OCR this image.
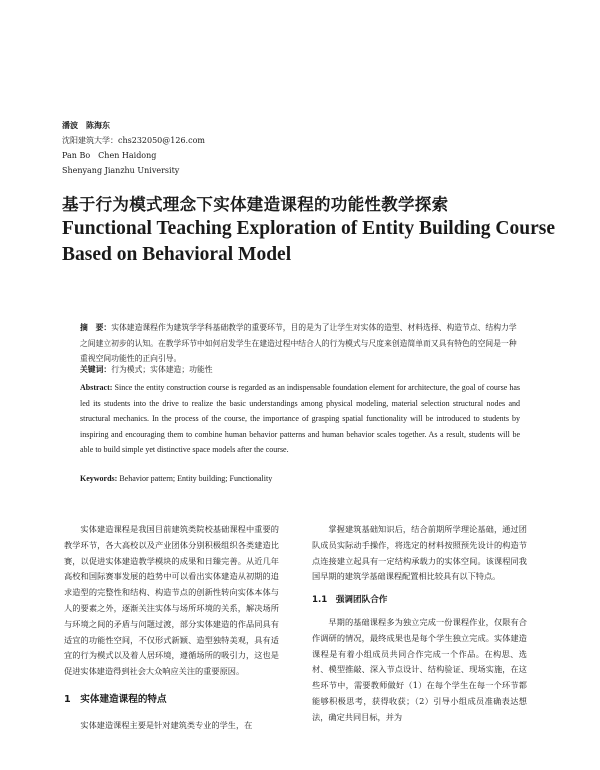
潘波　陈海东
沈阳建筑大学：chs232050@126.com
Pan Bo　Chen Haidong
Shenyang Jianzhu University
基于行为模式理念下实体建造课程的功能性教学探索
Functional Teaching Exploration of Entity Building Course Based on Behavioral Model
摘　要：实体建造课程作为建筑学学科基础教学的重要环节，目的是为了让学生对实体的造型、材料选择、构造节点、结构力学之间建立初步的认知。在教学环节中如何启发学生在建造过程中结合人的行为模式与尺度来创造简单而又具有特色的空间是一种重视空间功能性的正向引导。
关键词：行为模式；实体建造；功能性
Abstract: Since the entity construction course is regarded as an indispensable foundation element for architecture, the goal of course has led its students into the drive to realize the basic understandings among physical modeling, material selection structural nodes and structural mechanics. In the process of the course, the importance of grasping spatial functionality will be introduced to students by inspiring and encouraging them to combine human behavior patterns and human behavior scales together. As a result, students will be able to build simple yet distinctive space models after the course.
Keywords: Behavior pattern; Entity building; Functionality

实体建造课程是我国目前建筑类院校基础课程中重要的教学环节，各大高校以及产业团体分别积极组织各类建造比赛，以促进实体建造教学模块的成果和日臻完善。从近几年高校和国际赛事发展的趋势中可以看出实体建造从初期的追求造型的完整性和结构、构造节点的创新性转向实体本体与人的要素之外，逐渐关注实体与场所环境的关系，解决场所与环境之间的矛盾与问题过渡，部分实体建造的作品同具有适宜的功能性空间，不仅形式新颖、造型独特美观，具有适宜的行为模式以及着人居环境，遵循场所的吸引力，这也是促进实体建造得到社会大众响应关注的重要原因。

1　实体建造课程的特点

实体建造课程主要是针对建筑类专业的学生，在

掌握建筑基础知识后，结合前期所学理论基础，通过团队成员实际动手操作，将选定的材料按照预先设计的构造节点连接建立起具有一定结构承载力的实体空间。该课程同我国早期的建筑学基础课程配置相比较具有以下特点。

1.1　强调团队合作

早期的基础课程多为独立完成一份课程作业，仅限有合作调研的情况，最终成果也是每个学生独立完成。实体建造课程是有着小组成员共同合作完成一个作品。在构思、选材、模型推敲、深入节点设计、结构验证、现场实施，在这些环节中，需要教师做好（1）在每个学生在每一个环节都能够积极思考，获得收获；（2）引导小组成员准确表达想法，确定共同目标，并为
